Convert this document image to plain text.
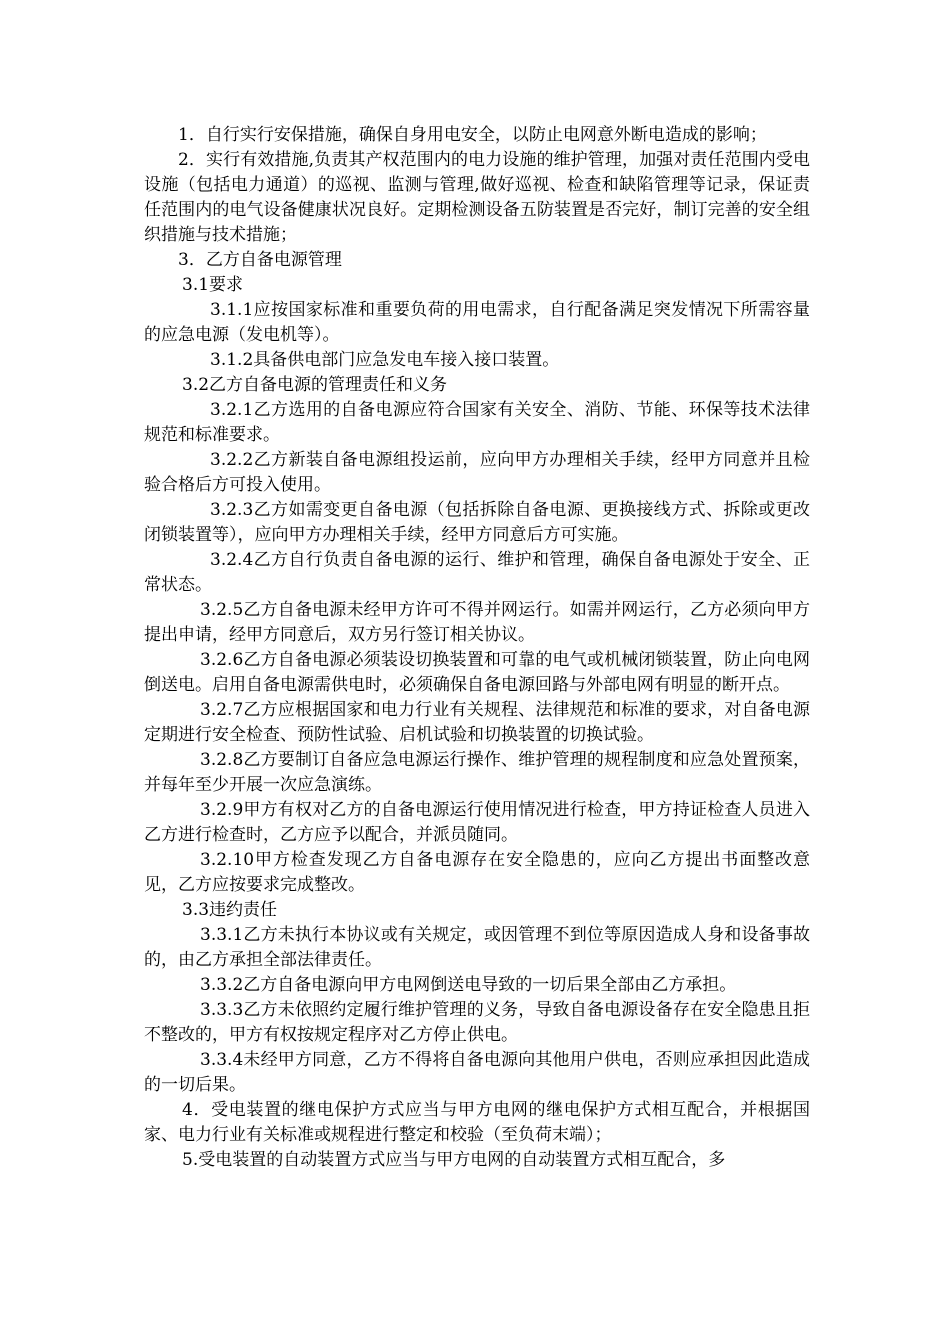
1．自行实行安保措施，确保自身用电安全，以防止电网意外断电造成的影响；

2．实行有效措施,负责其产权范围内的电力设施的维护管理，加强对责任范围内受电设施（包括电力通道）的巡视、监测与管理,做好巡视、检查和缺陷管理等记录，保证责任范围内的电气设备健康状况良好。定期检测设备五防装置是否完好，制订完善的安全组织措施与技术措施；

3．乙方自备电源管理

3.1要求

3.1.1应按国家标准和重要负荷的用电需求，自行配备满足突发情况下所需容量的应急电源（发电机等）。

3.1.2具备供电部门应急发电车接入接口装置。

3.2乙方自备电源的管理责任和义务

3.2.1乙方选用的自备电源应符合国家有关安全、消防、节能、环保等技术法律规范和标准要求。

3.2.2乙方新装自备电源组投运前，应向甲方办理相关手续，经甲方同意并且检验合格后方可投入使用。

3.2.3乙方如需变更自备电源（包括拆除自备电源、更换接线方式、拆除或更改闭锁装置等），应向甲方办理相关手续，经甲方同意后方可实施。

3.2.4乙方自行负责自备电源的运行、维护和管理，确保自备电源处于安全、正常状态。

3.2.5乙方自备电源未经甲方许可不得并网运行。如需并网运行，乙方必须向甲方提出申请，经甲方同意后，双方另行签订相关协议。

3.2.6乙方自备电源必须装设切换装置和可靠的电气或机械闭锁装置，防止向电网倒送电。启用自备电源需供电时，必须确保自备电源回路与外部电网有明显的断开点。

3.2.7乙方应根据国家和电力行业有关规程、法律规范和标准的要求，对自备电源定期进行安全检查、预防性试验、启机试验和切换装置的切换试验。

3.2.8乙方要制订自备应急电源运行操作、维护管理的规程制度和应急处置预案，并每年至少开展一次应急演练。

3.2.9甲方有权对乙方的自备电源运行使用情况进行检查，甲方持证检查人员进入乙方进行检查时，乙方应予以配合，并派员随同。

3.2.10甲方检查发现乙方自备电源存在安全隐患的，应向乙方提出书面整改意见，乙方应按要求完成整改。

3.3违约责任

3.3.1乙方未执行本协议或有关规定，或因管理不到位等原因造成人身和设备事故的，由乙方承担全部法律责任。

3.3.2乙方自备电源向甲方电网倒送电导致的一切后果全部由乙方承担。

3.3.3乙方未依照约定履行维护管理的义务，导致自备电源设备存在安全隐患且拒不整改的，甲方有权按规定程序对乙方停止供电。

3.3.4未经甲方同意，乙方不得将自备电源向其他用户供电，否则应承担因此造成的一切后果。

4．受电装置的继电保护方式应当与甲方电网的继电保护方式相互配合，并根据国家、电力行业有关标准或规程进行整定和校验（至负荷末端）；

5.受电装置的自动装置方式应当与甲方电网的自动装置方式相互配合，多
